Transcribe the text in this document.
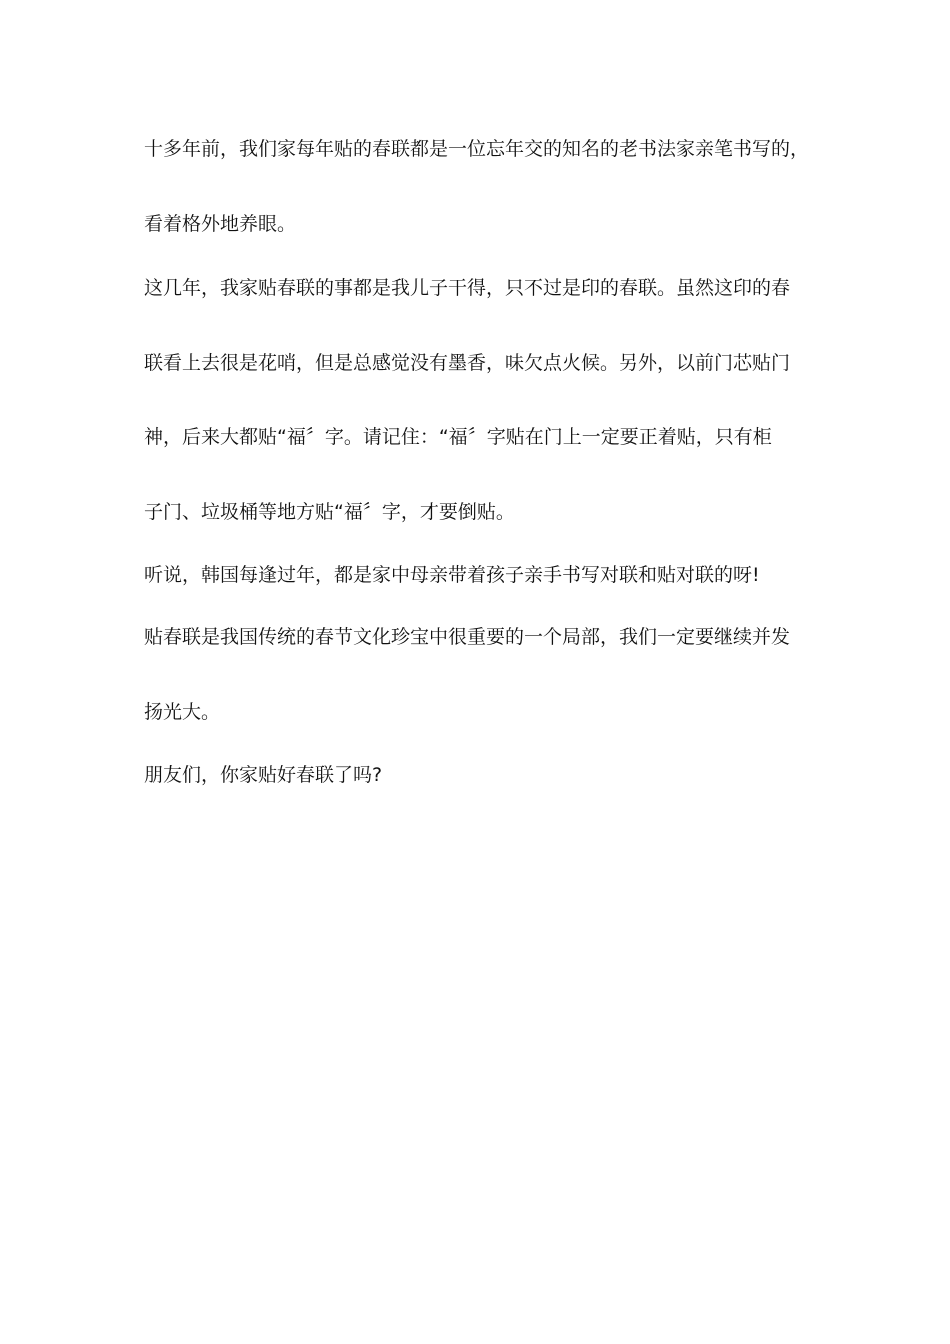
十多年前，我们家每年贴的春联都是一位忘年交的知名的老书法家亲笔书写的，

看着格外地养眼。

这几年，我家贴春联的事都是我儿子干得，只不过是印的春联。虽然这印的春

联看上去很是花哨，但是总感觉没有墨香，味欠点火候。另外，以前门芯贴门

神，后来大都贴“福〞字。请记住：“福〞字贴在门上一定要正着贴，只有柜

子门、垃圾桶等地方贴“福〞字，才要倒贴。

听说，韩国每逢过年，都是家中母亲带着孩子亲手书写对联和贴对联的呀!

贴春联是我国传统的春节文化珍宝中很重要的一个局部，我们一定要继续并发

扬光大。

朋友们，你家贴好春联了吗?
